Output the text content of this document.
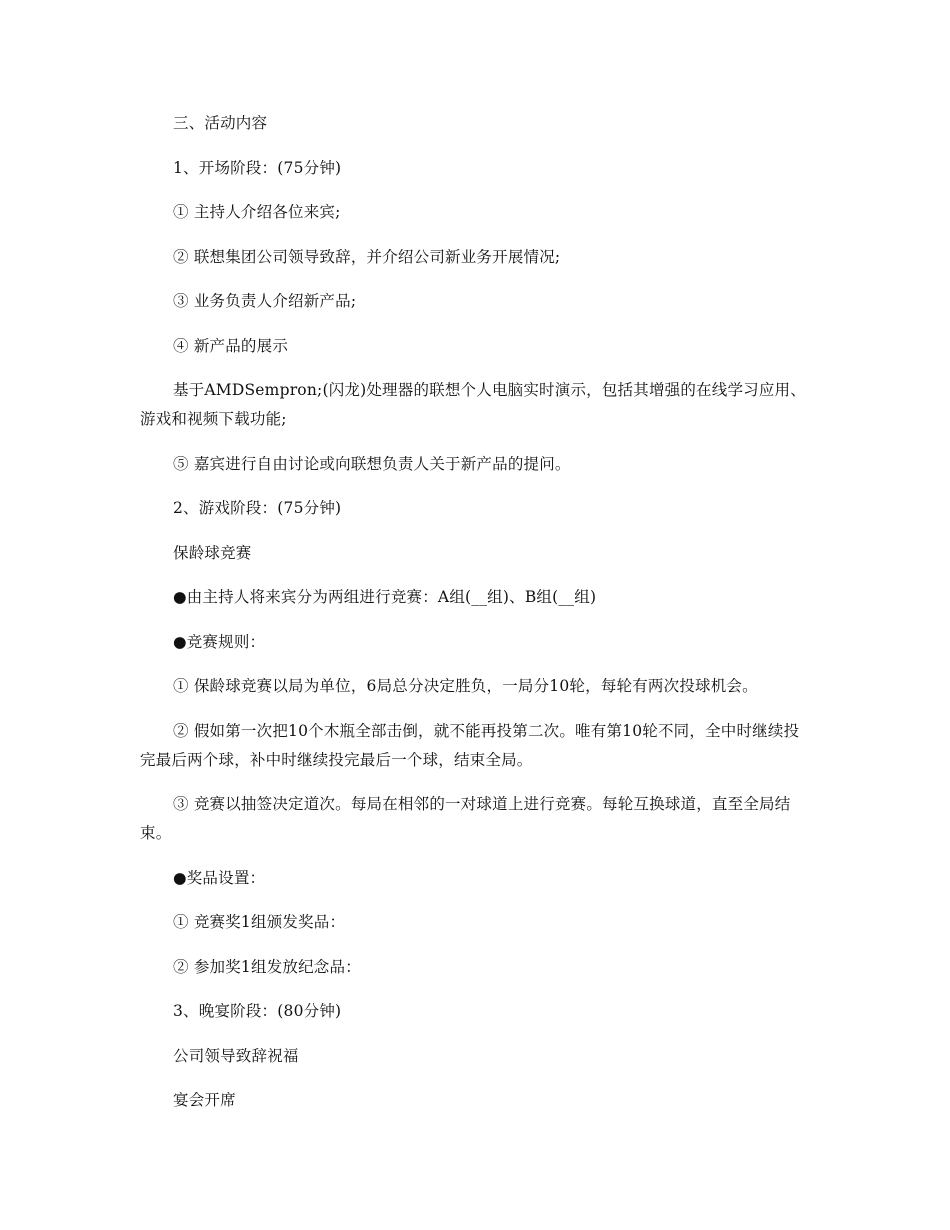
三、活动内容

1、开场阶段：(75分钟)

① 主持人介绍各位来宾;

② 联想集团公司领导致辞，并介绍公司新业务开展情况;

③ 业务负责人介绍新产品;

④ 新产品的展示

基于AMDSempron;(闪龙)处理器的联想个人电脑实时演示，包括其增强的在线学习应用、游戏和视频下载功能;

⑤ 嘉宾进行自由讨论或向联想负责人关于新产品的提问。

2、游戏阶段：(75分钟)

保龄球竞赛

●由主持人将来宾分为两组进行竞赛：A组(__组)、B组(__组)

●竞赛规则：

① 保龄球竞赛以局为单位，6局总分决定胜负，一局分10轮，每轮有两次投球机会。

② 假如第一次把10个木瓶全部击倒，就不能再投第二次。唯有第10轮不同，全中时继续投完最后两个球，补中时继续投完最后一个球，结束全局。

③ 竞赛以抽签决定道次。每局在相邻的一对球道上进行竞赛。每轮互换球道，直至全局结束。

●奖品设置：

① 竞赛奖1组颁发奖品：

② 参加奖1组发放纪念品：

3、晚宴阶段：(80分钟)

公司领导致辞祝福

宴会开席
